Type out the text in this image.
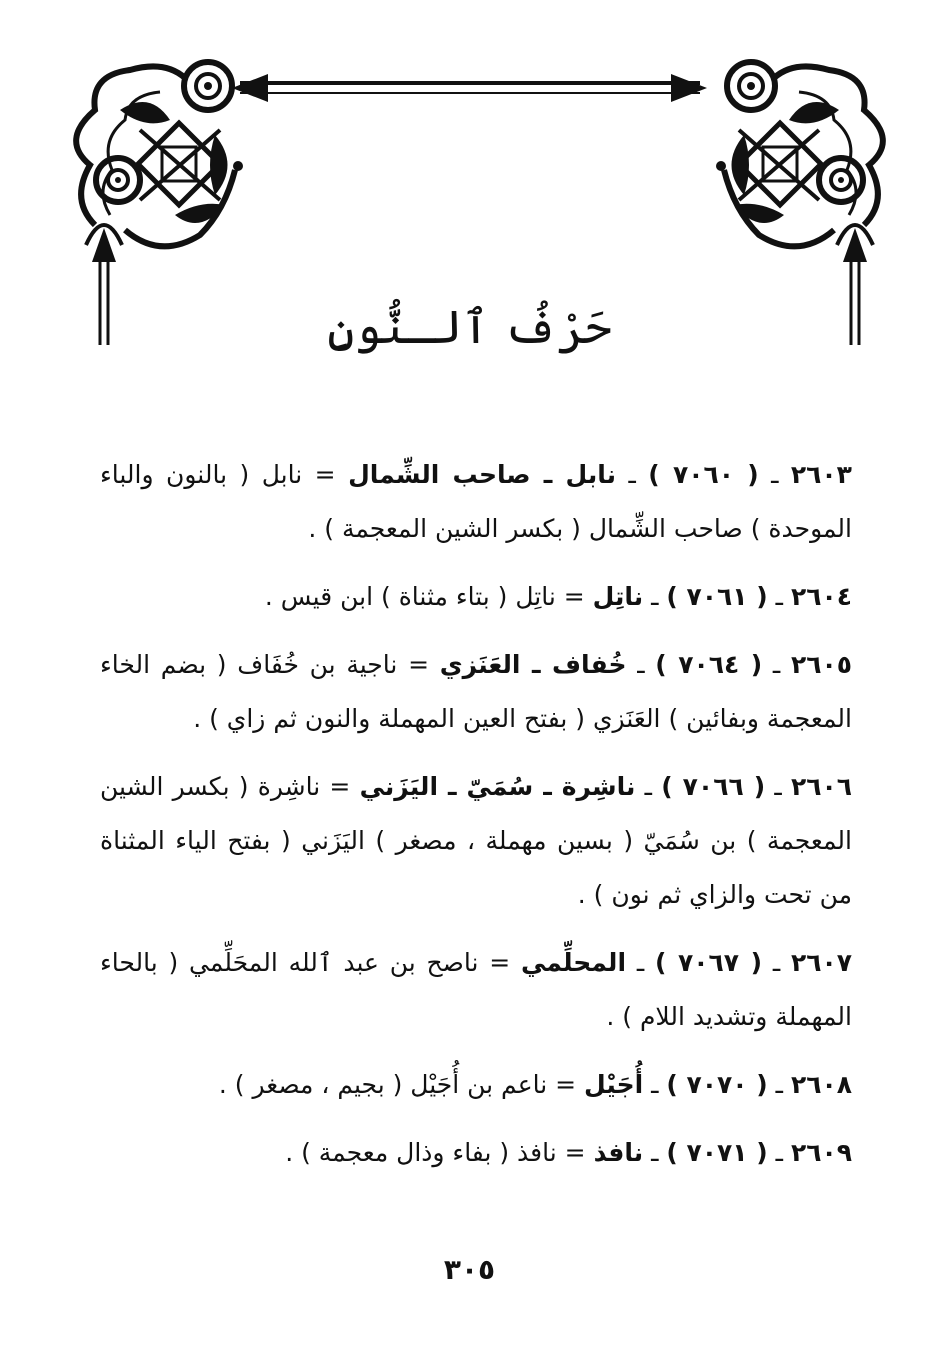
حَرْفُ ٱلـنُّونِ
٢٦٠٣ ـ ( ٧٠٦٠ ) ـ نابل ـ صاحب الشِّمال = نابل ( بالنون والباء الموحدة ) صاحب الشِّمال ( بكسر الشين المعجمة ) .
٢٦٠٤ ـ ( ٧٠٦١ ) ـ ناتِل = ناتِل ( بتاء مثناة ) ابن قيس .
٢٦٠٥ ـ ( ٧٠٦٤ ) ـ خُفاف ـ العَنَزي = ناجية بن خُفَاف ( بضم الخاء المعجمة وبفائين ) العَنَزي ( بفتح العين المهملة والنون ثم زاي ) .
٢٦٠٦ ـ ( ٧٠٦٦ ) ـ ناشِرة ـ سُمَيّ ـ اليَزَني = ناشِرة ( بكسر الشين المعجمة ) بن سُمَيّ ( بسين مهملة ، مصغر ) اليَزَني ( بفتح الياء المثناة من تحت والزاي ثم نون ) .
٢٦٠٧ ـ ( ٧٠٦٧ ) ـ المحلِّمي = ناصح بن عبد ٱلله المحَلِّمي ( بالحاء المهملة وتشديد اللام ) .
٢٦٠٨ ـ ( ٧٠٧٠ ) ـ أُجَيْل = ناعم بن أُجَيْل ( بجيم ، مصغر ) .
٢٦٠٩ ـ ( ٧٠٧١ ) ـ نافذ = نافذ ( بفاء وذال معجمة ) .
٣٠٥
